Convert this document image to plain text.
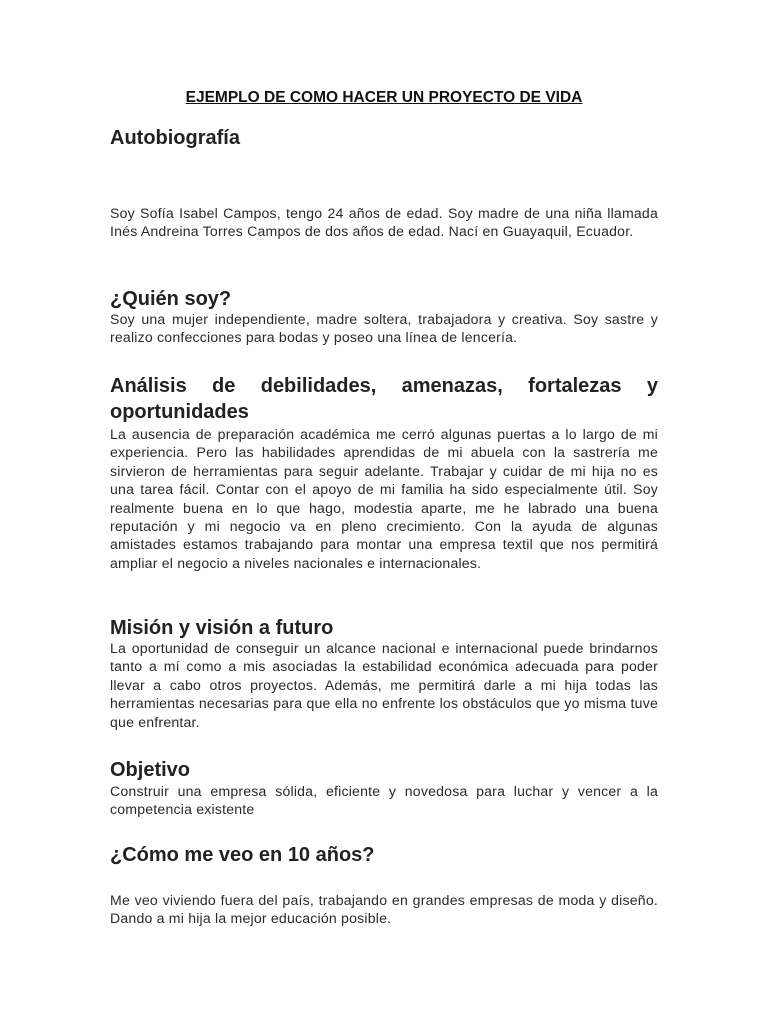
EJEMPLO DE COMO HACER UN PROYECTO DE VIDA
Autobiografía

Soy Sofía Isabel Campos, tengo 24 años de edad. Soy madre de una niña llamada Inés Andreina Torres Campos de dos años de edad. Nací en Guayaquil, Ecuador.

¿Quién soy?

Soy una mujer independiente, madre soltera, trabajadora y creativa. Soy sastre y realizo confecciones para bodas y poseo una línea de lencería.

Análisis de debilidades, amenazas, fortalezas y oportunidades

La ausencia de preparación académica me cerró algunas puertas a lo largo de mi experiencia. Pero las habilidades aprendidas de mi abuela con la sastrería me sirvieron de herramientas para seguir adelante. Trabajar y cuidar de mi hija no es una tarea fácil. Contar con el apoyo de mi familia ha sido especialmente útil. Soy realmente buena en lo que hago, modestia aparte, me he labrado una buena reputación y mi negocio va en pleno crecimiento. Con la ayuda de algunas amistades estamos trabajando para montar una empresa textil que nos permitirá ampliar el negocio a niveles nacionales e internacionales.

Misión y visión a futuro

La oportunidad de conseguir un alcance nacional e internacional puede brindarnos tanto a mí como a mis asociadas la estabilidad económica adecuada para poder llevar a cabo otros proyectos. Además, me permitirá darle a mi hija todas las herramientas necesarias para que ella no enfrente los obstáculos que yo misma tuve que enfrentar.

Objetivo

Construir una empresa sólida, eficiente y novedosa para luchar y vencer a la competencia existente

¿Cómo me veo en 10 años?

Me veo viviendo fuera del país, trabajando en grandes empresas de moda y diseño. Dando a mi hija la mejor educación posible.
